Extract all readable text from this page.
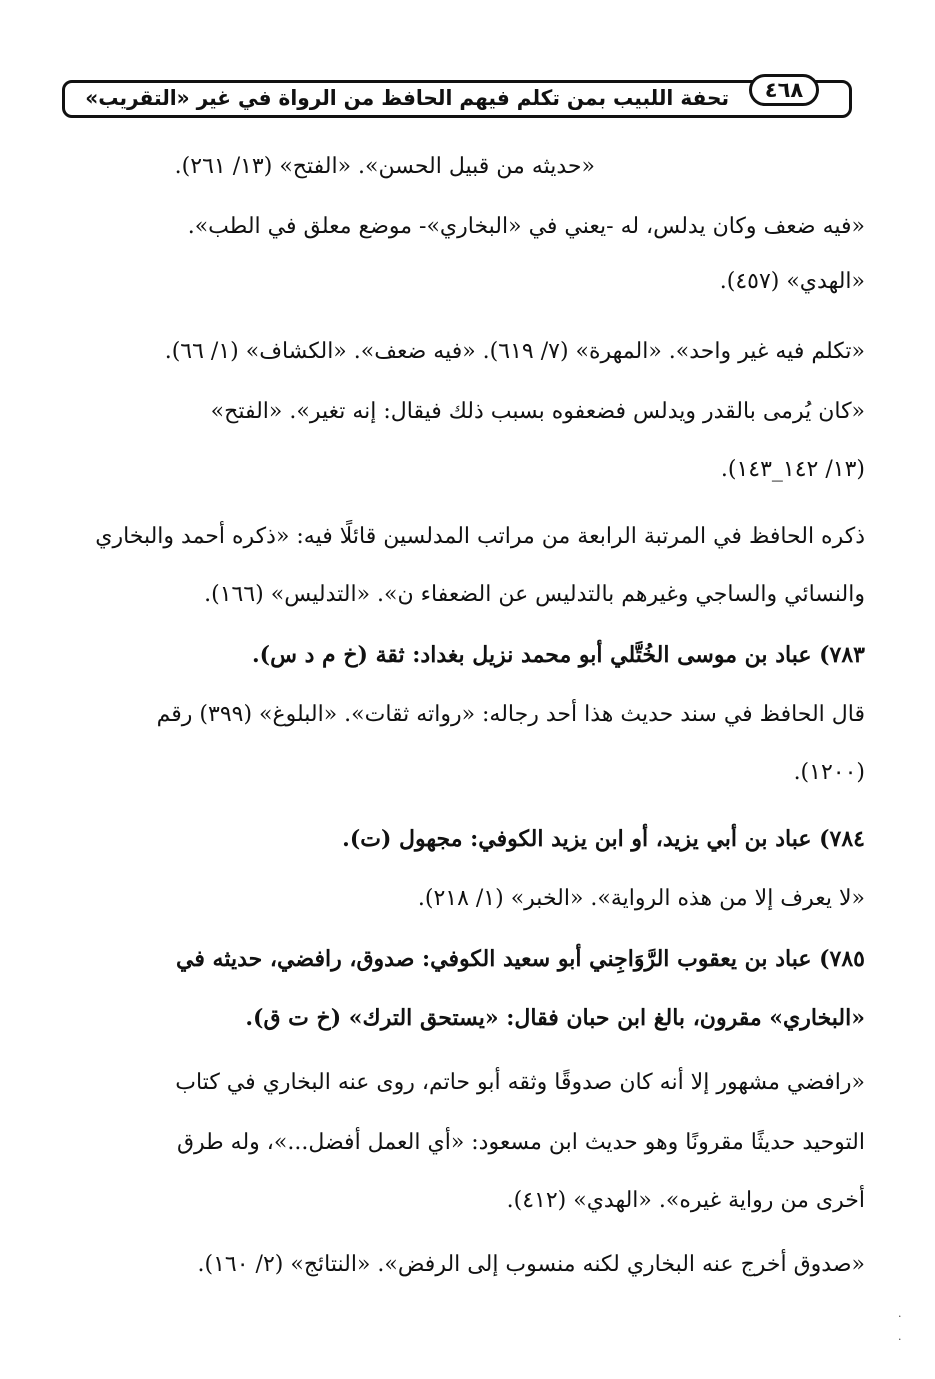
تحفة اللبيب بمن تكلم فيهم الحافظ من الرواة في غير «التقريب»	٤٦٨
«حديثه من قبيل الحسن». «الفتح» (١٣/ ٢٦١).
«فيه ضعف وكان يدلس، له -يعني في «البخاري»- موضع معلق في الطب».
«الهدي» (٤٥٧).
«تكلم فيه غير واحد». «المهرة» (٧/ ٦١٩). «فيه ضعف». «الكشاف» (١/ ٦٦).
«كان يُرمى بالقدر ويدلس فضعفوه بسبب ذلك فيقال: إنه تغير». «الفتح»
(١٣/ ١٤٢_١٤٣).
ذكره الحافظ في المرتبة الرابعة من مراتب المدلسين قائلًا فيه: «ذكره أحمد والبخاري
والنسائي والساجي وغيرهم بالتدليس عن الضعفاء ن». «التدليس» (١٦٦).
٧٨٣) عباد بن موسى الخُتَّلي أبو محمد نزيل بغداد: ثقة (خ م د س).
قال الحافظ في سند حديث هذا أحد رجاله: «رواته ثقات». «البلوغ» (٣٩٩) رقم
(١٢٠٠).
٧٨٤) عباد بن أبي يزيد، أو ابن يزيد الكوفي: مجهول (ت).
«لا يعرف إلا من هذه الرواية». «الخبر» (١/ ٢١٨).
٧٨٥) عباد بن يعقوب الرَّوَاجِني أبو سعيد الكوفي: صدوق، رافضي، حديثه في
«البخاري» مقرون، بالغ ابن حبان فقال: «يستحق الترك» (خ ت ق).
«رافضي مشهور إلا أنه كان صدوقًا وثقه أبو حاتم، روى عنه البخاري في كتاب
التوحيد حديثًا مقرونًا وهو حديث ابن مسعود: «أي العمل أفضل...»، وله طرق
أخرى من رواية غيره». «الهدي» (٤١٢).
«صدوق أخرج عنه البخاري لكنه منسوب إلى الرفض». «النتائج» (٢/ ١٦٠).
·
·
